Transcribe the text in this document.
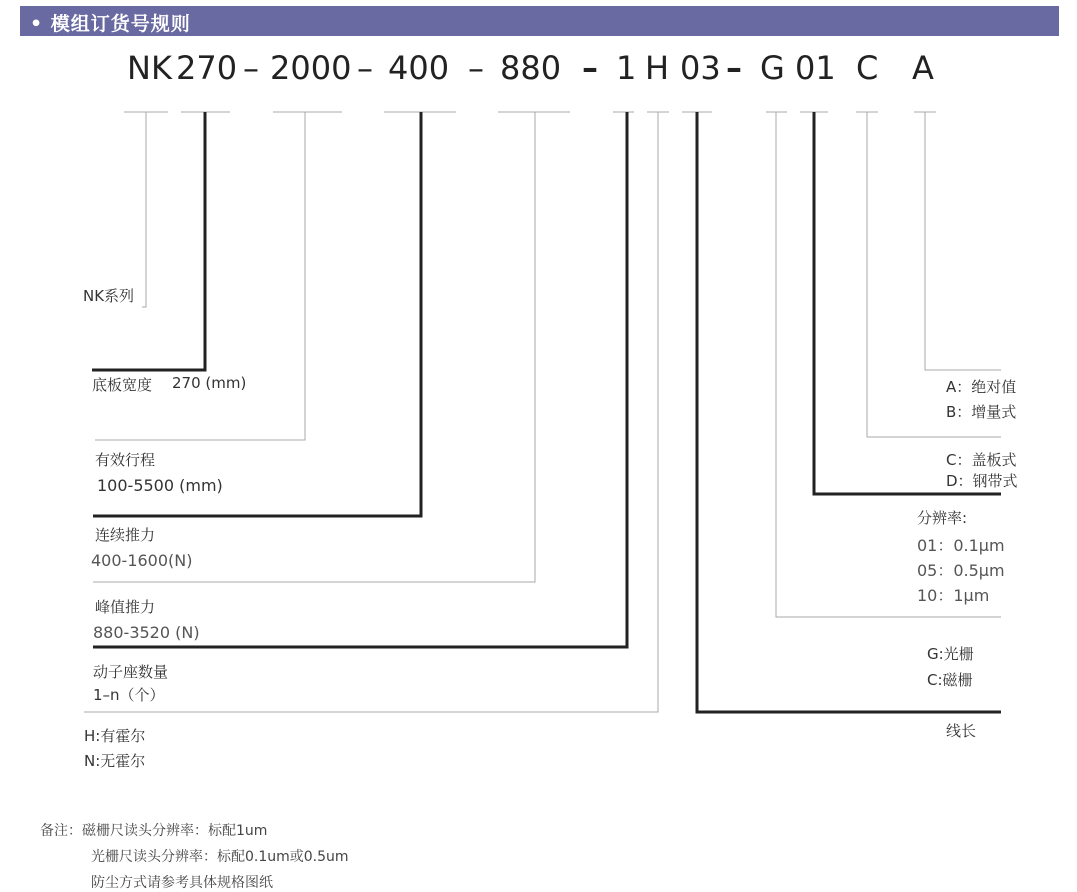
• 模组订货号规则
NK 270 – 2000 – 400 – 880 – 1 H 03 – G 01 C A
NK系列
底板宽度 270 (mm)
有效行程
100-5500 (mm)
连续推力
400-1600(N)
峰值推力
880-3520 (N)
动子座数量
1–n（个）
H:有霍尔
N:无霍尔
A：绝对值
B：增量式
C：盖板式
D：钢带式
分辨率:
01：0.1μm
05：0.5μm
10：1μm
G:光栅
C:磁栅
线长
备注：磁栅尺读头分辨率：标配1um
光栅尺读头分辨率：标配0.1um或0.5um
防尘方式请参考具体规格图纸
